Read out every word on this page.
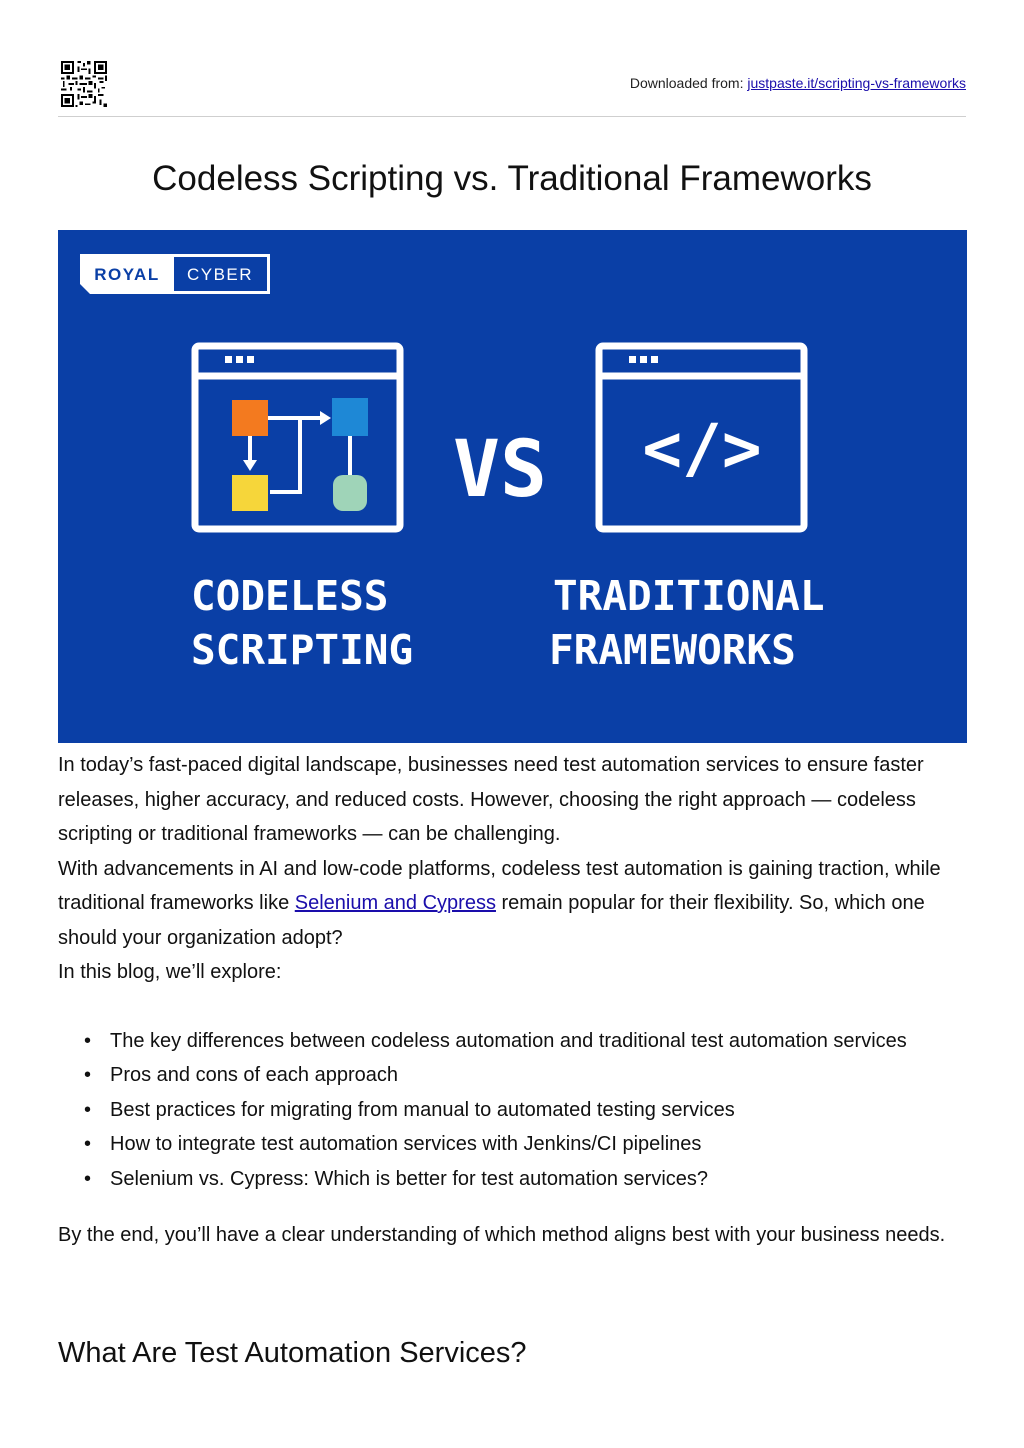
Downloaded from: justpaste.it/scripting-vs-frameworks
Codeless Scripting vs. Traditional Frameworks
ROYAL CYBER
VS </>
CODELESS
SCRIPTING
TRADITIONAL
FRAMEWORKS

In today’s fast-paced digital landscape, businesses need test automation services to ensure faster releases, higher accuracy, and reduced costs. However, choosing the right approach — codeless scripting or traditional frameworks — can be challenging.

With advancements in AI and low-code platforms, codeless test automation is gaining traction, while traditional frameworks like Selenium and Cypress remain popular for their flexibility. So, which one should your organization adopt?

In this blog, we’ll explore:

• The key differences between codeless automation and traditional test automation services
• Pros and cons of each approach
• Best practices for migrating from manual to automated testing services
• How to integrate test automation services with Jenkins/CI pipelines
• Selenium vs. Cypress: Which is better for test automation services?

By the end, you’ll have a clear understanding of which method aligns best with your business needs.

What Are Test Automation Services?
